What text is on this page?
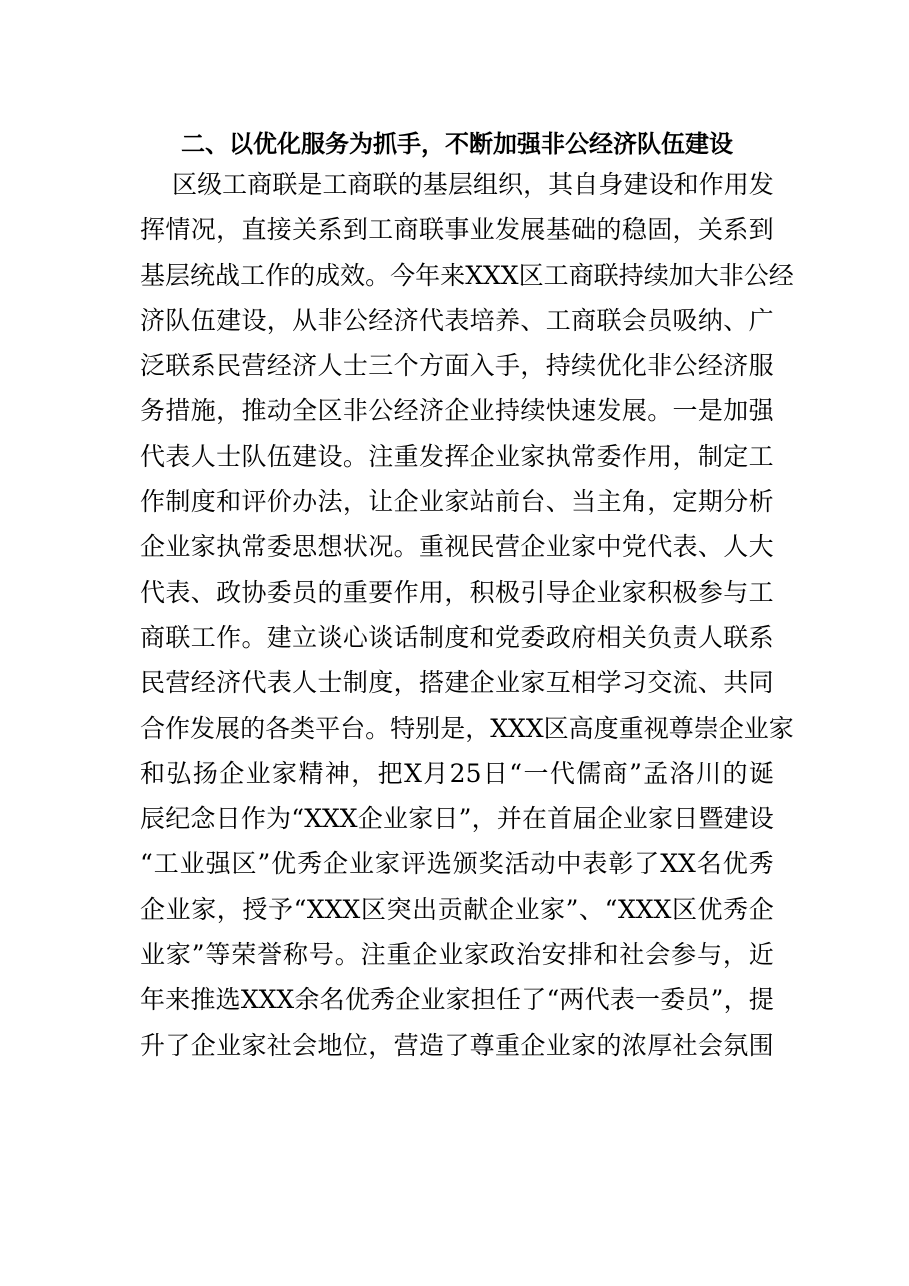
二、以优化服务为抓手，不断加强非公经济队伍建设
区 级 工 商 联 是 工 商 联 的 基 层 组 织 ， 其 自 身 建 设 和 作 用 发
挥 情 况 ， 直 接 关 系 到 工 商 联 事 业 发 展 基 础 的 稳 固 ， 关 系 到
基 层 统 战 工 作 的 成 效 。 今 年 来 XXX 区 工 商 联 持 续 加 大 非 公 经
济 队 伍 建 设 ， 从 非 公 经 济 代 表 培 养 、 工 商 联 会 员 吸 纳 、 广
泛 联 系 民 营 经 济 人 士 三 个 方 面 入 手 ， 持 续 优 化 非 公 经 济 服
务 措 施 ， 推 动 全 区 非 公 经 济 企 业 持 续 快 速 发 展 。 一 是 加 强
代 表 人 士 队 伍 建 设 。 注 重 发 挥 企 业 家 执 常 委 作 用 ， 制 定 工
作 制 度 和 评 价 办 法 ， 让 企 业 家 站 前 台 、 当 主 角 ， 定 期 分 析
企 业 家 执 常 委 思 想 状 况 。 重 视 民 营 企 业 家 中 党 代 表 、 人 大
代 表 、 政 协 委 员 的 重 要 作 用 ， 积 极 引 导 企 业 家 积 极 参 与 工
商 联 工 作 。 建 立 谈 心 谈 话 制 度 和 党 委 政 府 相 关 负 责 人 联 系
民 营 经 济 代 表 人 士 制 度 ， 搭 建 企 业 家 互 相 学 习 交 流 、 共 同
合 作 发 展 的 各 类 平 台 。 特 别 是 ， XXX 区 高 度 重 视 尊 崇 企 业 家
和 弘 扬 企 业 家 精 神 ， 把 X 月 25 日 “ 一 代 儒 商 ” 孟 洛 川 的 诞
辰 纪 念 日 作 为 “ XXX 企 业 家 日 ” ， 并 在 首 届 企 业 家 日 暨 建 设
“ 工 业 强 区 ” 优 秀 企 业 家 评 选 颁 奖 活 动 中 表 彰 了 XX 名 优 秀
企 业 家 ， 授 予 “ XXX 区 突 出 贡 献 企 业 家 ” 、 “ XXX 区 优 秀 企
业 家 ” 等 荣 誉 称 号 。 注 重 企 业 家 政 治 安 排 和 社 会 参 与 ， 近
年 来 推 选 XXX 余 名 优 秀 企 业 家 担 任 了 “ 两 代 表 一 委 员 ” ， 提
升 了 企 业 家 社 会 地 位 ， 营 造 了 尊 重 企 业 家 的 浓 厚 社 会 氛 围
